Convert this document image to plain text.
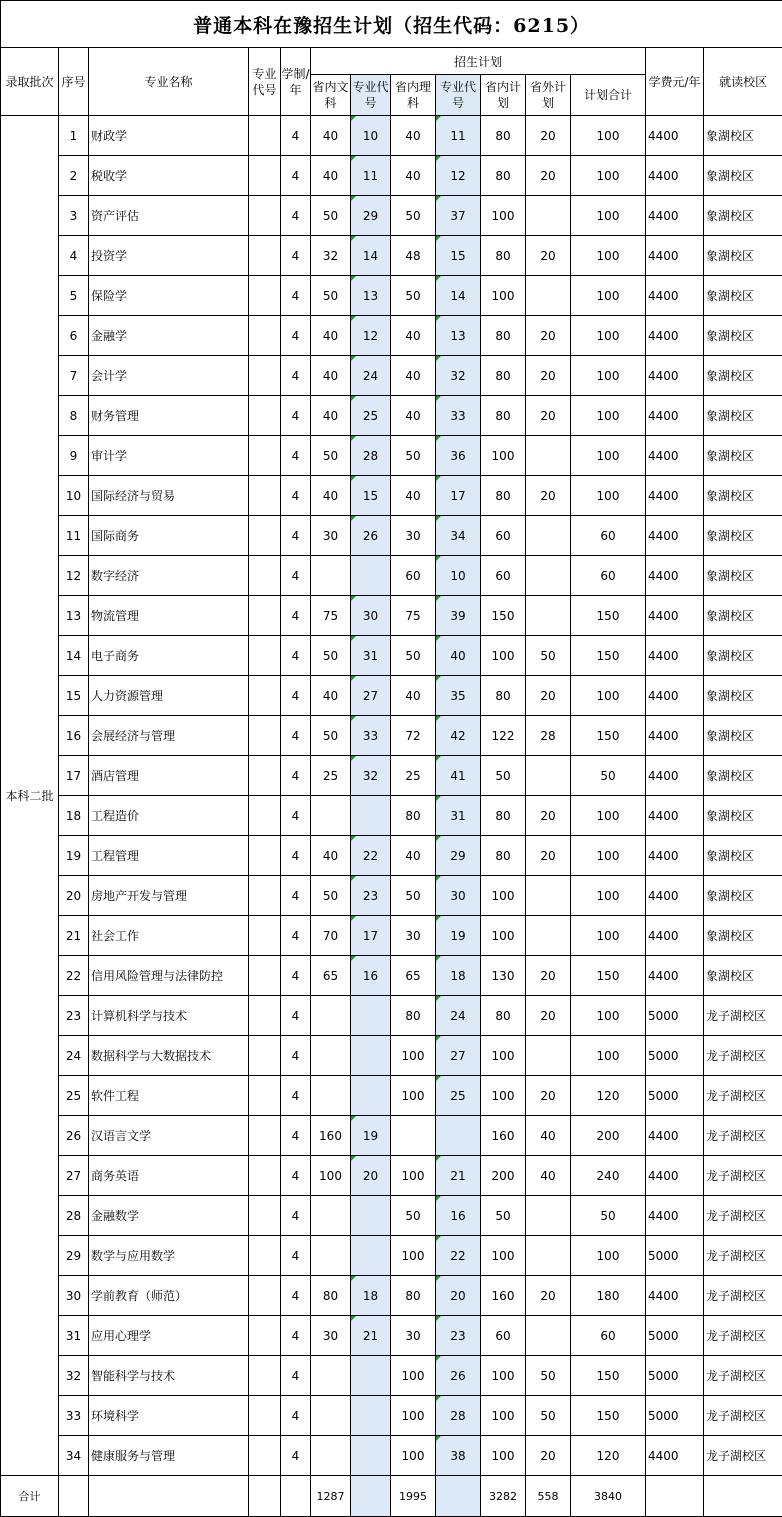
普通本科在豫招生计划（招生代码：6215）													
录取批次	序号	专业名称	专业代号	学制/年	招生计划							学费元/年	就读校区
					省内文科	专业代号	省内理科	专业代号	省内计划	省外计划	计划合计		
本科二批	1	财政学		4	40	10	40	11	80	20	100	4400	象湖校区
	2	税收学		4	40	11	40	12	80	20	100	4400	象湖校区
	3	资产评估		4	50	29	50	37	100		100	4400	象湖校区
	4	投资学		4	32	14	48	15	80	20	100	4400	象湖校区
	5	保险学		4	50	13	50	14	100		100	4400	象湖校区
	6	金融学		4	40	12	40	13	80	20	100	4400	象湖校区
	7	会计学		4	40	24	40	32	80	20	100	4400	象湖校区
	8	财务管理		4	40	25	40	33	80	20	100	4400	象湖校区
	9	审计学		4	50	28	50	36	100		100	4400	象湖校区
	10	国际经济与贸易		4	40	15	40	17	80	20	100	4400	象湖校区
	11	国际商务		4	30	26	30	34	60		60	4400	象湖校区
	12	数字经济		4			60	10	60		60	4400	象湖校区
	13	物流管理		4	75	30	75	39	150		150	4400	象湖校区
	14	电子商务		4	50	31	50	40	100	50	150	4400	象湖校区
	15	人力资源管理		4	40	27	40	35	80	20	100	4400	象湖校区
	16	会展经济与管理		4	50	33	72	42	122	28	150	4400	象湖校区
	17	酒店管理		4	25	32	25	41	50		50	4400	象湖校区
	18	工程造价		4			80	31	80	20	100	4400	象湖校区
	19	工程管理		4	40	22	40	29	80	20	100	4400	象湖校区
	20	房地产开发与管理		4	50	23	50	30	100		100	4400	象湖校区
	21	社会工作		4	70	17	30	19	100		100	4400	象湖校区
	22	信用风险管理与法律防控		4	65	16	65	18	130	20	150	4400	象湖校区
	23	计算机科学与技术		4			80	24	80	20	100	5000	龙子湖校区
	24	数据科学与大数据技术		4			100	27	100		100	5000	龙子湖校区
	25	软件工程		4			100	25	100	20	120	5000	龙子湖校区
	26	汉语言文学		4	160	19			160	40	200	4400	龙子湖校区
	27	商务英语		4	100	20	100	21	200	40	240	4400	龙子湖校区
	28	金融数学		4			50	16	50		50	4400	龙子湖校区
	29	数学与应用数学		4			100	22	100		100	5000	龙子湖校区
	30	学前教育（师范）		4	80	18	80	20	160	20	180	4400	龙子湖校区
	31	应用心理学		4	30	21	30	23	60		60	5000	龙子湖校区
	32	智能科学与技术		4			100	26	100	50	150	5000	龙子湖校区
	33	环境科学		4			100	28	100	50	150	5000	龙子湖校区
	34	健康服务与管理		4			100	38	100	20	120	4400	龙子湖校区
合计					1287		1995		3282	558	3840		
